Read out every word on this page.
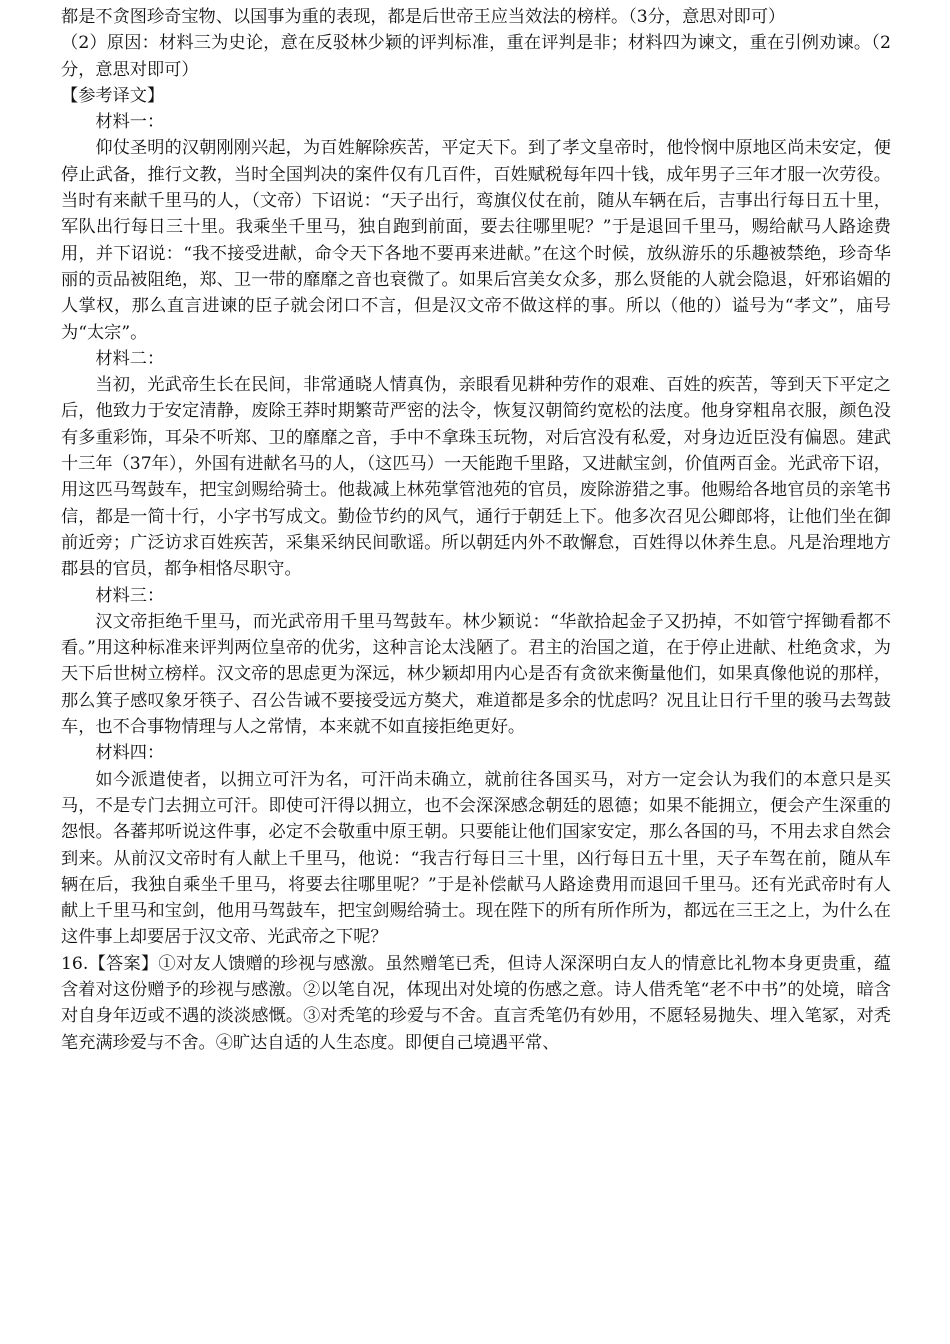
都是不贪图珍奇宝物、以国事为重的表现，都是后世帝王应当效法的榜样。（3分，意思对即可）

（2）原因：材料三为史论，意在反驳林少颖的评判标准，重在评判是非；材料四为谏文，重在引例劝谏。（2分，意思对即可）

【参考译文】

材料一：

仰仗圣明的汉朝刚刚兴起，为百姓解除疾苦，平定天下。到了孝文皇帝时，他怜悯中原地区尚未安定，便停止武备，推行文教，当时全国判决的案件仅有几百件，百姓赋税每年四十钱，成年男子三年才服一次劳役。当时有来献千里马的人，（文帝）下诏说：“天子出行，鸾旗仪仗在前，随从车辆在后，吉事出行每日五十里，军队出行每日三十里。我乘坐千里马，独自跑到前面，要去往哪里呢？”于是退回千里马，赐给献马人路途费用，并下诏说：“我不接受进献，命令天下各地不要再来进献。”在这个时候，放纵游乐的乐趣被禁绝，珍奇华丽的贡品被阻绝，郑、卫一带的靡靡之音也衰微了。如果后宫美女众多，那么贤能的人就会隐退，奸邪谄媚的人掌权，那么直言进谏的臣子就会闭口不言，但是汉文帝不做这样的事。所以（他的）谥号为“孝文”，庙号为“太宗”。

材料二：

当初，光武帝生长在民间，非常通晓人情真伪，亲眼看见耕种劳作的艰难、百姓的疾苦，等到天下平定之后，他致力于安定清静，废除王莽时期繁苛严密的法令，恢复汉朝简约宽松的法度。他身穿粗帛衣服，颜色没有多重彩饰，耳朵不听郑、卫的靡靡之音，手中不拿珠玉玩物，对后宫没有私爱，对身边近臣没有偏恩。建武十三年（37年），外国有进献名马的人，（这匹马）一天能跑千里路，又进献宝剑，价值两百金。光武帝下诏，用这匹马驾鼓车，把宝剑赐给骑士。他裁减上林苑掌管池苑的官员，废除游猎之事。他赐给各地官员的亲笔书信，都是一简十行，小字书写成文。勤俭节约的风气，通行于朝廷上下。他多次召见公卿郎将，让他们坐在御前近旁；广泛访求百姓疾苦，采集采纳民间歌谣。所以朝廷内外不敢懈怠，百姓得以休养生息。凡是治理地方郡县的官员，都争相恪尽职守。

材料三：

汉文帝拒绝千里马，而光武帝用千里马驾鼓车。林少颖说：“华歆拾起金子又扔掉，不如管宁挥锄看都不看。”用这种标准来评判两位皇帝的优劣，这种言论太浅陋了。君主的治国之道，在于停止进献、杜绝贪求，为天下后世树立榜样。汉文帝的思虑更为深远，林少颖却用内心是否有贪欲来衡量他们，如果真像他说的那样，那么箕子感叹象牙筷子、召公告诫不要接受远方獒犬，难道都是多余的忧虑吗？况且让日行千里的骏马去驾鼓车，也不合事物情理与人之常情，本来就不如直接拒绝更好。

材料四：

如今派遣使者，以拥立可汗为名，可汗尚未确立，就前往各国买马，对方一定会认为我们的本意只是买马，不是专门去拥立可汗。即使可汗得以拥立，也不会深深感念朝廷的恩德；如果不能拥立，便会产生深重的怨恨。各蕃邦听说这件事，必定不会敬重中原王朝。只要能让他们国家安定，那么各国的马，不用去求自然会到来。从前汉文帝时有人献上千里马，他说：“我吉行每日三十里，凶行每日五十里，天子车驾在前，随从车辆在后，我独自乘坐千里马，将要去往哪里呢？”于是补偿献马人路途费用而退回千里马。还有光武帝时有人献上千里马和宝剑，他用马驾鼓车，把宝剑赐给骑士。现在陛下的所有所作所为，都远在三王之上，为什么在这件事上却要居于汉文帝、光武帝之下呢？

16.【答案】①对友人馈赠的珍视与感激。虽然赠笔已秃，但诗人深深明白友人的情意比礼物本身更贵重，蕴含着对这份赠予的珍视与感激。②以笔自况，体现出对处境的伤感之意。诗人借秃笔“老不中书”的处境，暗含对自身年迈或不遇的淡淡感慨。③对秃笔的珍爱与不舍。直言秃笔仍有妙用，不愿轻易抛失、埋入笔冢，对秃笔充满珍爱与不舍。④旷达自适的人生态度。即便自己境遇平常、
